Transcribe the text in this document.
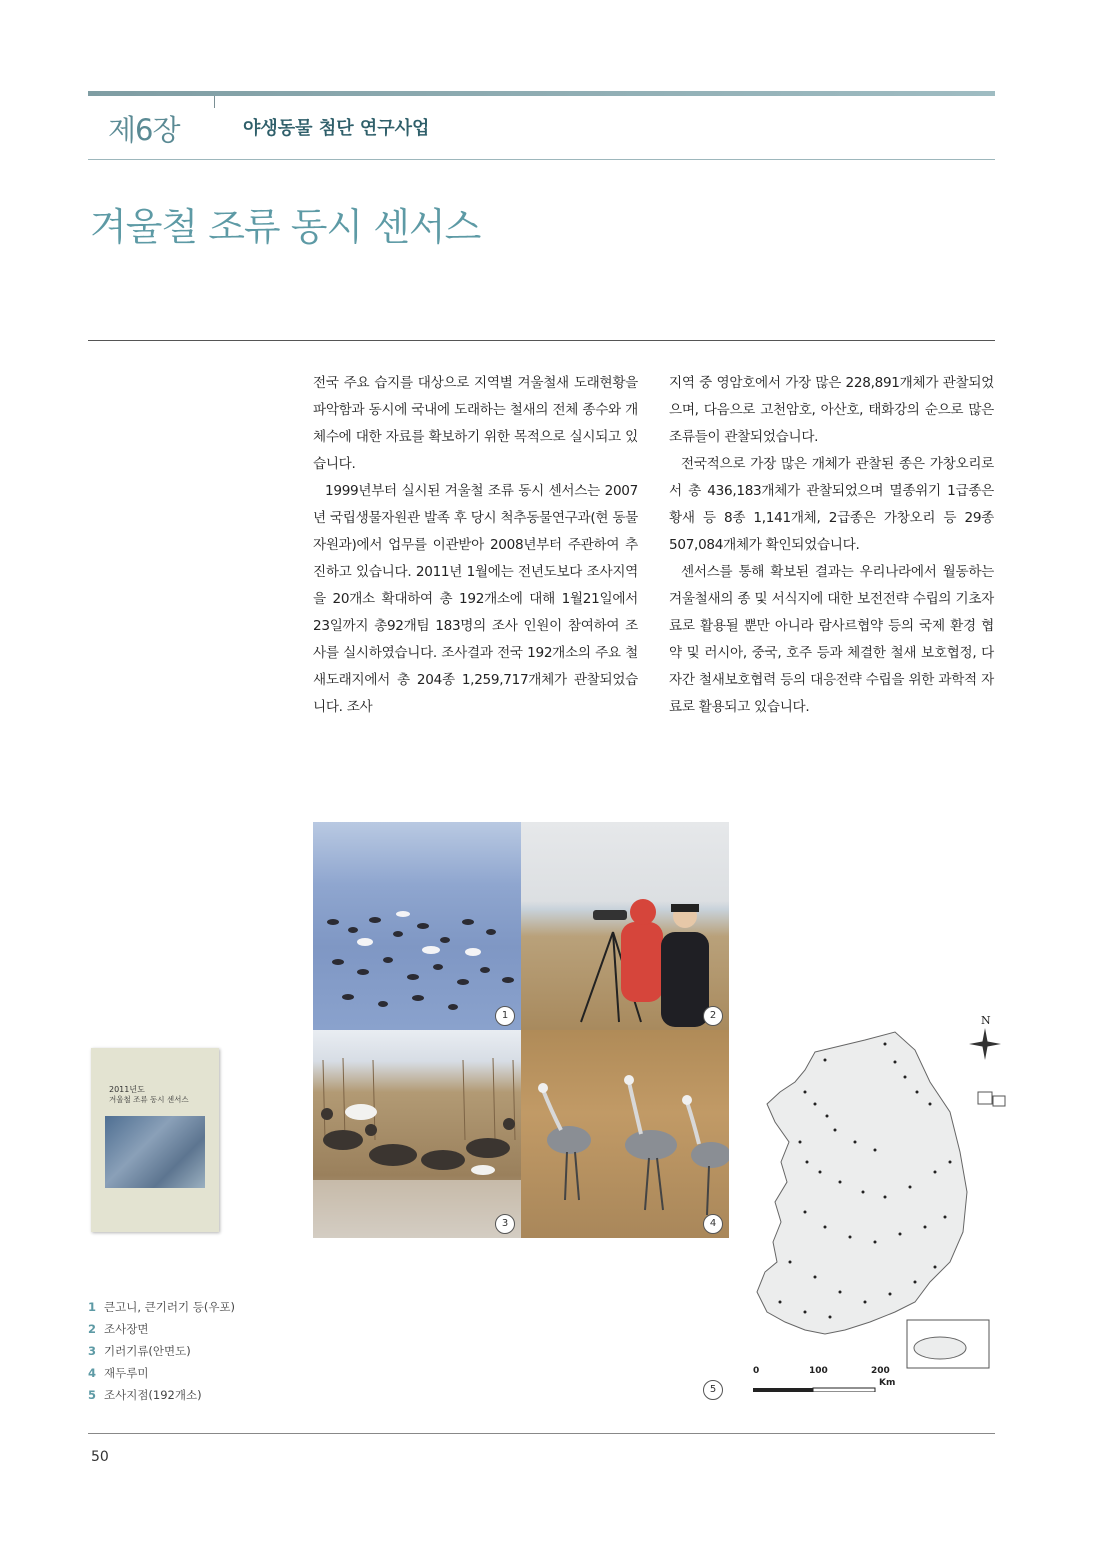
제6장	야생동물 첨단 연구사업
겨울철 조류 동시 센서스

전국 주요 습지를 대상으로 지역별 겨울철새 도래현황을 파악함과 동시에 국내에 도래하는 철새의 전체 종수와 개체수에 대한 자료를 확보하기 위한 목적으로 실시되고 있습니다.

1999년부터 실시된 겨울철 조류 동시 센서스는 2007년 국립생물자원관 발족 후 당시 척추동물연구과(현 동물자원과)에서 업무를 이관받아 2008년부터 주관하여 추진하고 있습니다. 2011년 1월에는 전년도보다 조사지역을 20개소 확대하여 총 192개소에 대해 1월21일에서23일까지 총92개팀 183명의 조사 인원이 참여하여 조사를 실시하였습니다. 조사결과 전국 192개소의 주요 철새도래지에서 총 204종 1,259,717개체가 관찰되었습니다. 조사

지역 중 영암호에서 가장 많은 228,891개체가 관찰되었으며, 다음으로 고천암호, 아산호, 태화강의 순으로 많은 조류들이 관찰되었습니다.

전국적으로 가장 많은 개체가 관찰된 종은 가창오리로서 총 436,183개체가 관찰되었으며 멸종위기 1급종은 황새 등 8종 1,141개체, 2급종은 가창오리 등 29종 507,084개체가 확인되었습니다.

센서스를 통해 확보된 결과는 우리나라에서 월동하는 겨울철새의 종 및 서식지에 대한 보전전략 수립의 기초자료로 활용될 뿐만 아니라 람사르협약 등의 국제 환경 협약 및 러시아, 중국, 호주 등과 체결한 철새 보호협정, 다자간 철새보호협력 등의 대응전략 수립을 위한 과학적 자료로 활용되고 있습니다.

1	2
3	4
2011년도
겨울철 조류 동시 센서스
1 큰고니, 큰기러기 등(우포)
2 조사장면
3 기러기류(안면도)
4 재두루미
5 조사지점(192개소)
N
0	100	200
Km
5
50
